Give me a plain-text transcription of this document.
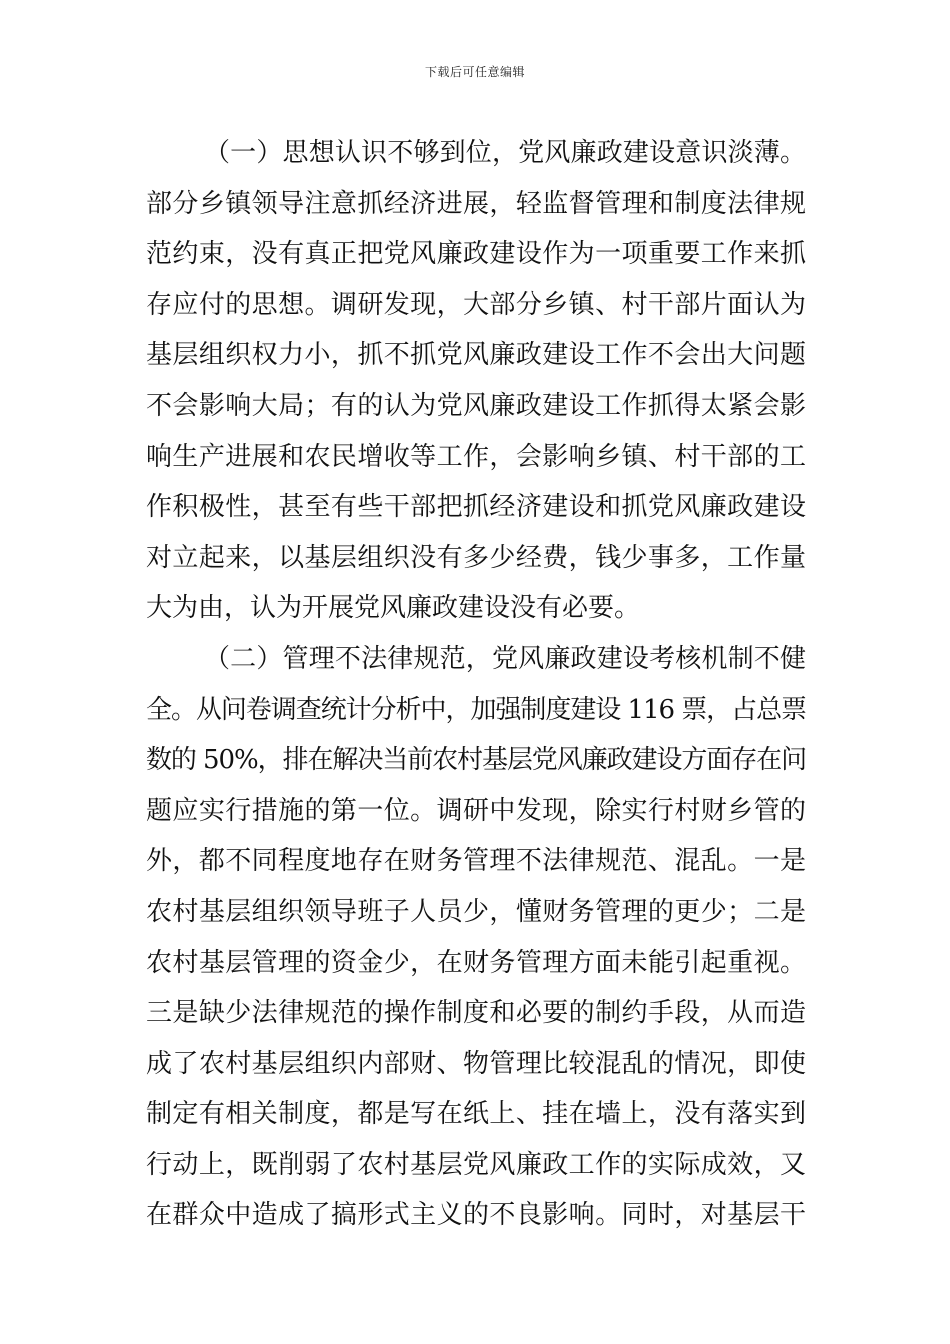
下载后可任意编辑
（一）思想认识不够到位，党风廉政建设意识淡薄。
部分乡镇领导注意抓经济进展，轻监督管理和制度法律规
范约束，没有真正把党风廉政建设作为一项重要工作来抓
存应付的思想。调研发现，大部分乡镇、村干部片面认为
基层组织权力小，抓不抓党风廉政建设工作不会出大问题
不会影响大局；有的认为党风廉政建设工作抓得太紧会影
响生产进展和农民增收等工作，会影响乡镇、村干部的工
作积极性，甚至有些干部把抓经济建设和抓党风廉政建设
对立起来，以基层组织没有多少经费，钱少事多，工作量
大为由，认为开展党风廉政建设没有必要。
（二）管理不法律规范，党风廉政建设考核机制不健
全。从问卷调查统计分析中，加强制度建设 116 票，占总票
数的 50%，排在解决当前农村基层党风廉政建设方面存在问
题应实行措施的第一位。调研中发现，除实行村财乡管的
外，都不同程度地存在财务管理不法律规范、混乱。一是
农村基层组织领导班子人员少，懂财务管理的更少；二是
农村基层管理的资金少，在财务管理方面未能引起重视。
三是缺少法律规范的操作制度和必要的制约手段，从而造
成了农村基层组织内部财、物管理比较混乱的情况，即使
制定有相关制度，都是写在纸上、挂在墙上，没有落实到
行动上，既削弱了农村基层党风廉政工作的实际成效，又
在群众中造成了搞形式主义的不良影响。同时，对基层干
